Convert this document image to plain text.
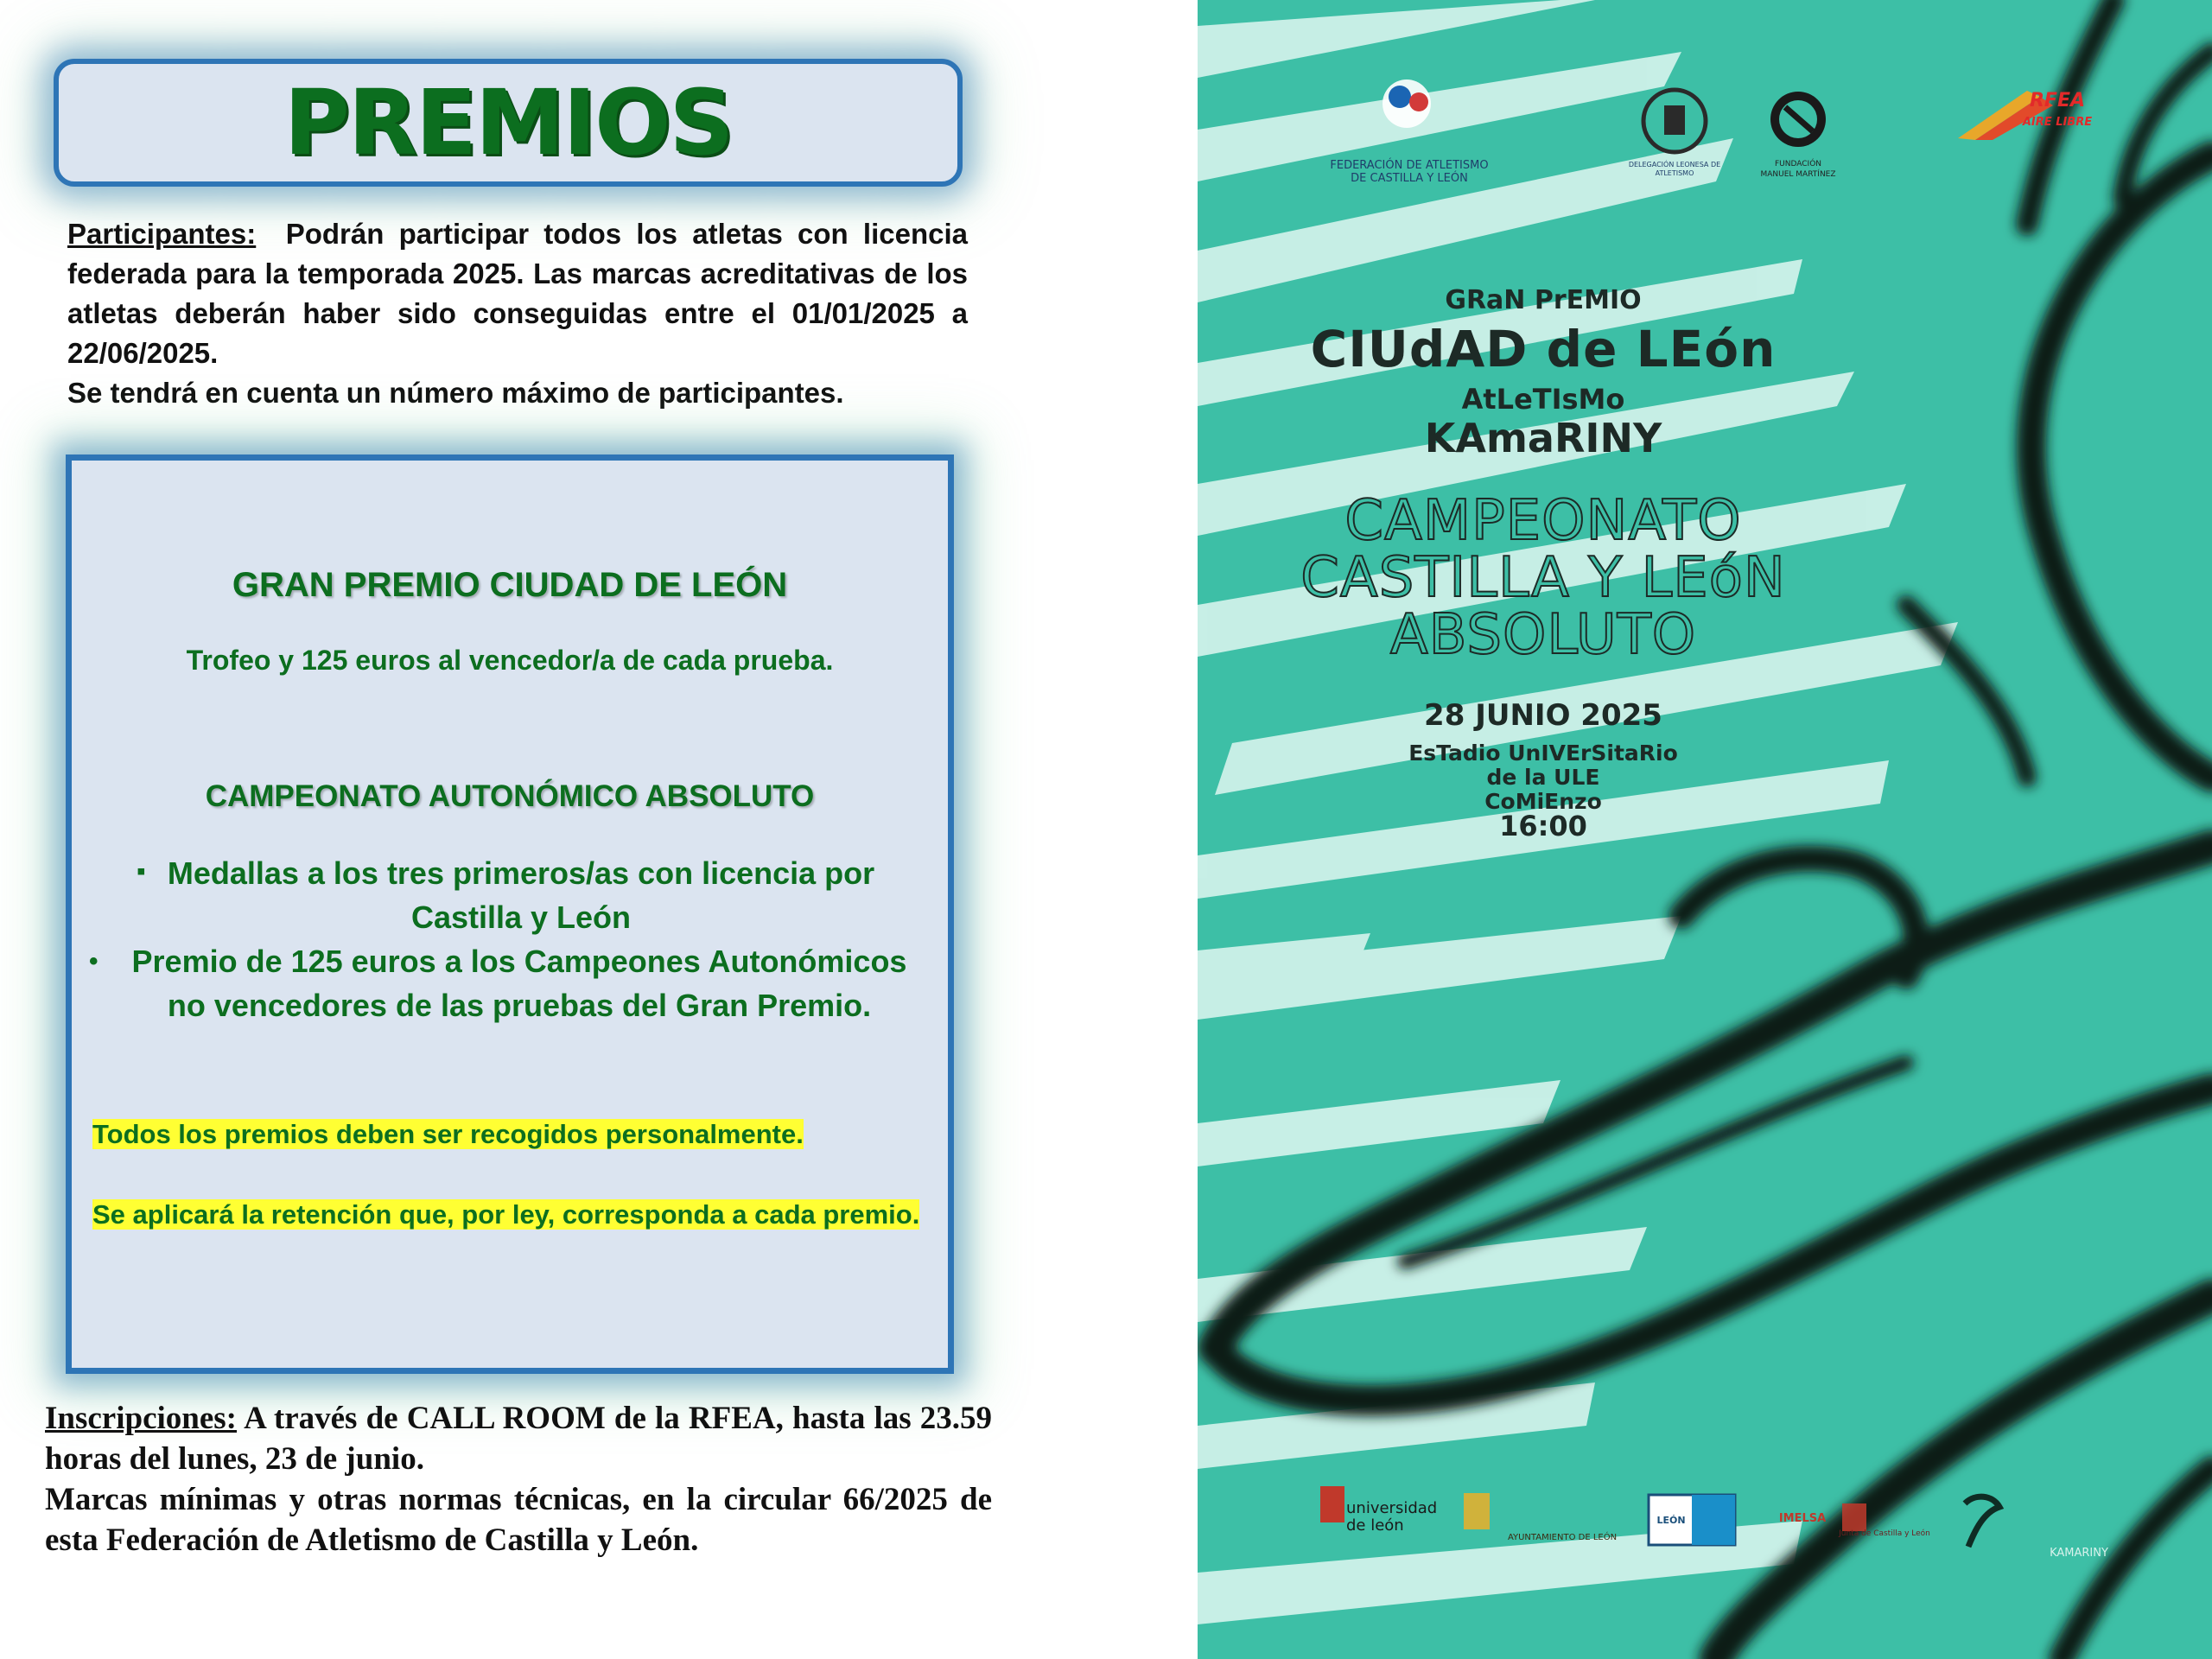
PREMIOS
Participantes: Podrán participar todos los atletas con licencia federada para la temporada 2025. Las marcas acreditativas de los atletas deberán haber sido conseguidas entre el 01/01/2025 a 22/06/2025.
Se tendrá en cuenta un número máximo de participantes.
GRAN PREMIO CIUDAD DE LEÓN
Trofeo y 125 euros al vencedor/a de cada prueba.
CAMPEONATO AUTONÓMICO ABSOLUTO
▪ Medallas a los tres primeros/as con licencia por
Castilla y León
• Premio de 125 euros a los Campeones Autonómicos
no vencedores de las pruebas del Gran Premio.
Todos los premios deben ser recogidos personalmente.
Se aplicará la retención que, por ley, corresponda a cada premio.
Inscripciones: A través de CALL ROOM de la RFEA, hasta las 23.59 horas del lunes, 23 de junio.
Marcas mínimas y otras normas técnicas, en la circular 66/2025 de esta Federación de Atletismo de Castilla y León.
FEDERACIÓN DE ATLETISMO
DE CASTILLA Y LEÓN
DELEGACIÓN LEONESA DE ATLETISMO
FUNDACIÓN
MANUEL MARTÍNEZ
RFEA
AIRE LIBRE
GRaN PrEMIO
CIUdAD de LEón
AtLeTIsMo
KAmaRINY
CAMPEONATO
CASTILLA Y LEóN
ABSOLUTO
28 JUNIO 2025
EsTadio UnIVErSitaRio
de la ULE
CoMiEnzo
16:00
universidad de león
AYUNTAMIENTO DE LEÓN
LEÓN	IMELSA
Junta de Castilla y León
KAMARINY
